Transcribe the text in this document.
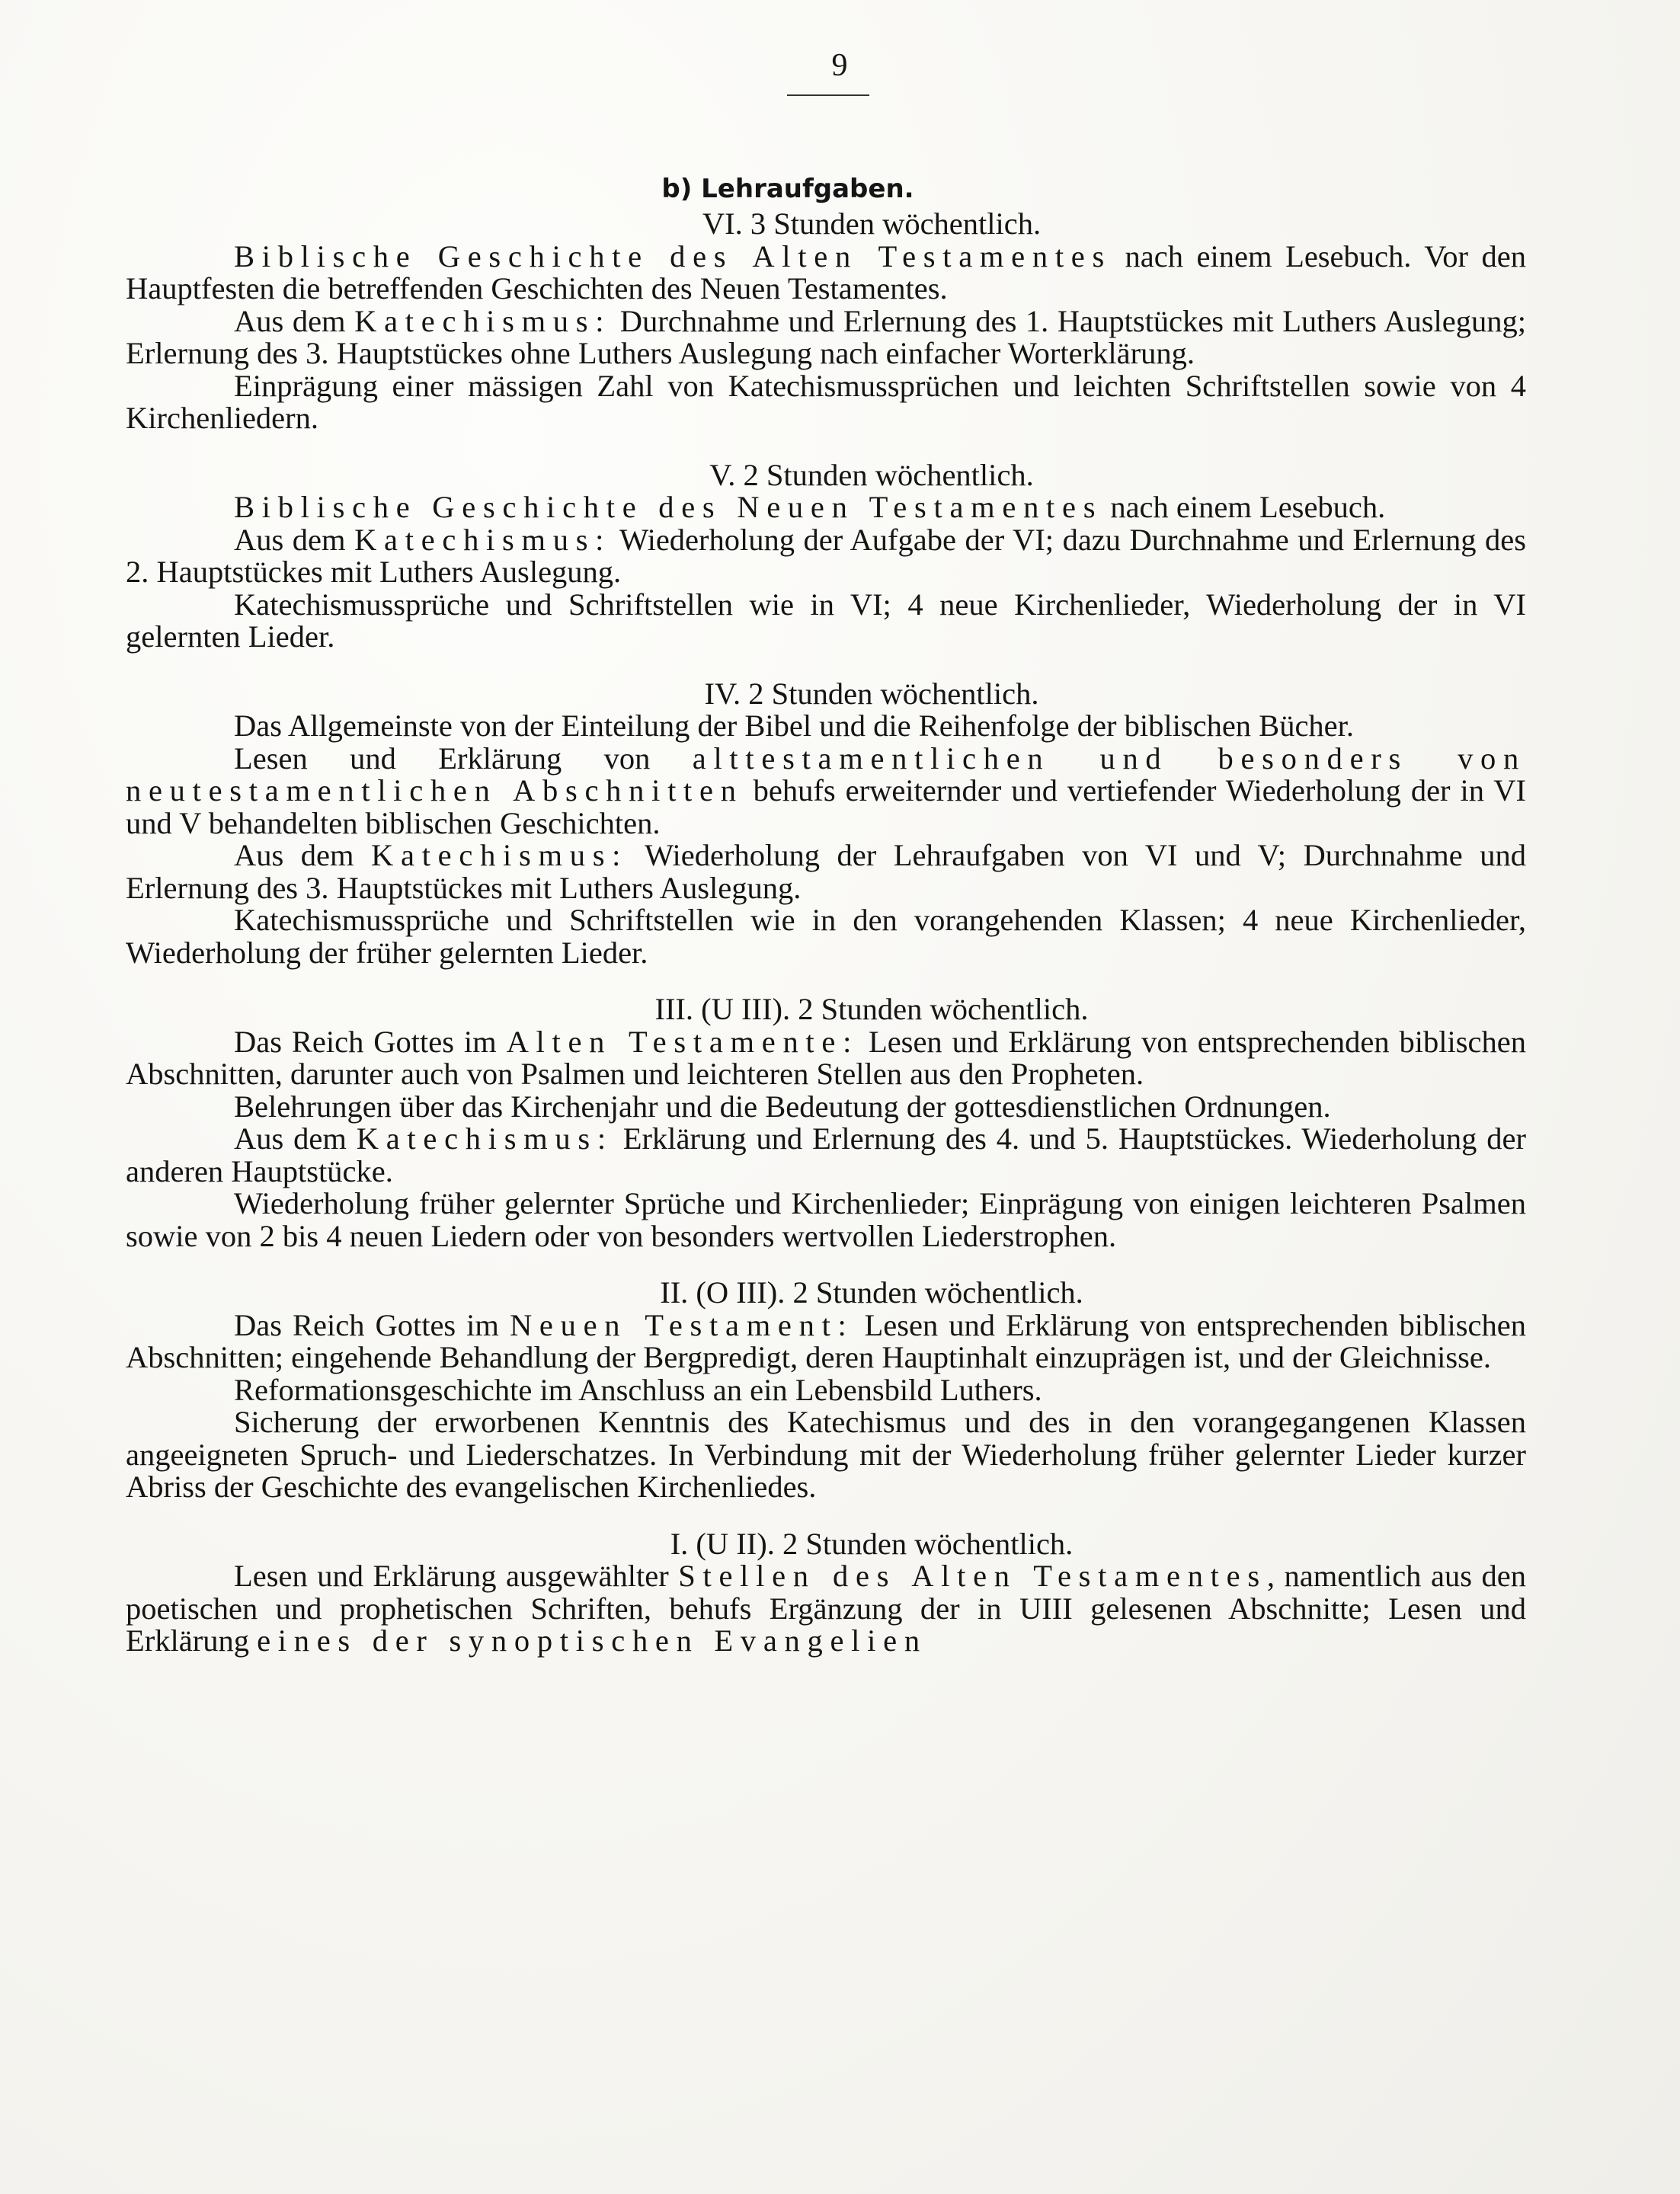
9
b) Lehraufgaben.
VI. 3 Stunden wöchentlich.

Biblische Geschichte des Alten Testamentes nach einem Lesebuch. Vor den Hauptfesten die betreffenden Geschichten des Neuen Testamentes.

Aus dem Katechismus: Durchnahme und Erlernung des 1. Hauptstückes mit Luthers Auslegung; Erlernung des 3. Hauptstückes ohne Luthers Auslegung nach einfacher Worterklärung.

Einprägung einer mässigen Zahl von Katechismussprüchen und leichten Schriftstellen sowie von 4 Kirchenliedern.

V. 2 Stunden wöchentlich.

Biblische Geschichte des Neuen Testamentes nach einem Lesebuch.

Aus dem Katechismus: Wiederholung der Aufgabe der VI; dazu Durchnahme und Erlernung des 2. Hauptstückes mit Luthers Auslegung.

Katechismussprüche und Schriftstellen wie in VI; 4 neue Kirchenlieder, Wiederholung der in VI gelernten Lieder.

IV. 2 Stunden wöchentlich.

Das Allgemeinste von der Einteilung der Bibel und die Reihenfolge der biblischen Bücher.

Lesen und Erklärung von alttestamentlichen und besonders von neutestamentlichen Abschnitten behufs erweiternder und vertiefender Wiederholung der in VI und V behandelten biblischen Geschichten.

Aus dem Katechismus: Wiederholung der Lehraufgaben von VI und V; Durchnahme und Erlernung des 3. Hauptstückes mit Luthers Auslegung.

Katechismussprüche und Schriftstellen wie in den vorangehenden Klassen; 4 neue Kirchenlieder, Wiederholung der früher gelernten Lieder.

III. (U III). 2 Stunden wöchentlich.

Das Reich Gottes im Alten Testamente: Lesen und Erklärung von entsprechenden biblischen Abschnitten, darunter auch von Psalmen und leichteren Stellen aus den Propheten.

Belehrungen über das Kirchenjahr und die Bedeutung der gottesdienstlichen Ordnungen.

Aus dem Katechismus: Erklärung und Erlernung des 4. und 5. Hauptstückes. Wiederholung der anderen Hauptstücke.

Wiederholung früher gelernter Sprüche und Kirchenlieder; Einprägung von einigen leichteren Psalmen sowie von 2 bis 4 neuen Liedern oder von besonders wertvollen Liederstrophen.

II. (O III). 2 Stunden wöchentlich.

Das Reich Gottes im Neuen Testament: Lesen und Erklärung von entsprechenden biblischen Abschnitten; eingehende Behandlung der Bergpredigt, deren Hauptinhalt einzuprägen ist, und der Gleichnisse.

Reformationsgeschichte im Anschluss an ein Lebensbild Luthers.

Sicherung der erworbenen Kenntnis des Katechismus und des in den vorangegangenen Klassen angeeigneten Spruch- und Liederschatzes. In Verbindung mit der Wiederholung früher gelernter Lieder kurzer Abriss der Geschichte des evangelischen Kirchenliedes.

I. (U II). 2 Stunden wöchentlich.

Lesen und Erklärung ausgewählter Stellen des Alten Testamentes, namentlich aus den poetischen und prophetischen Schriften, behufs Ergänzung der in UIII gelesenen Abschnitte; Lesen und Erklärung eines der synoptischen Evangelien
